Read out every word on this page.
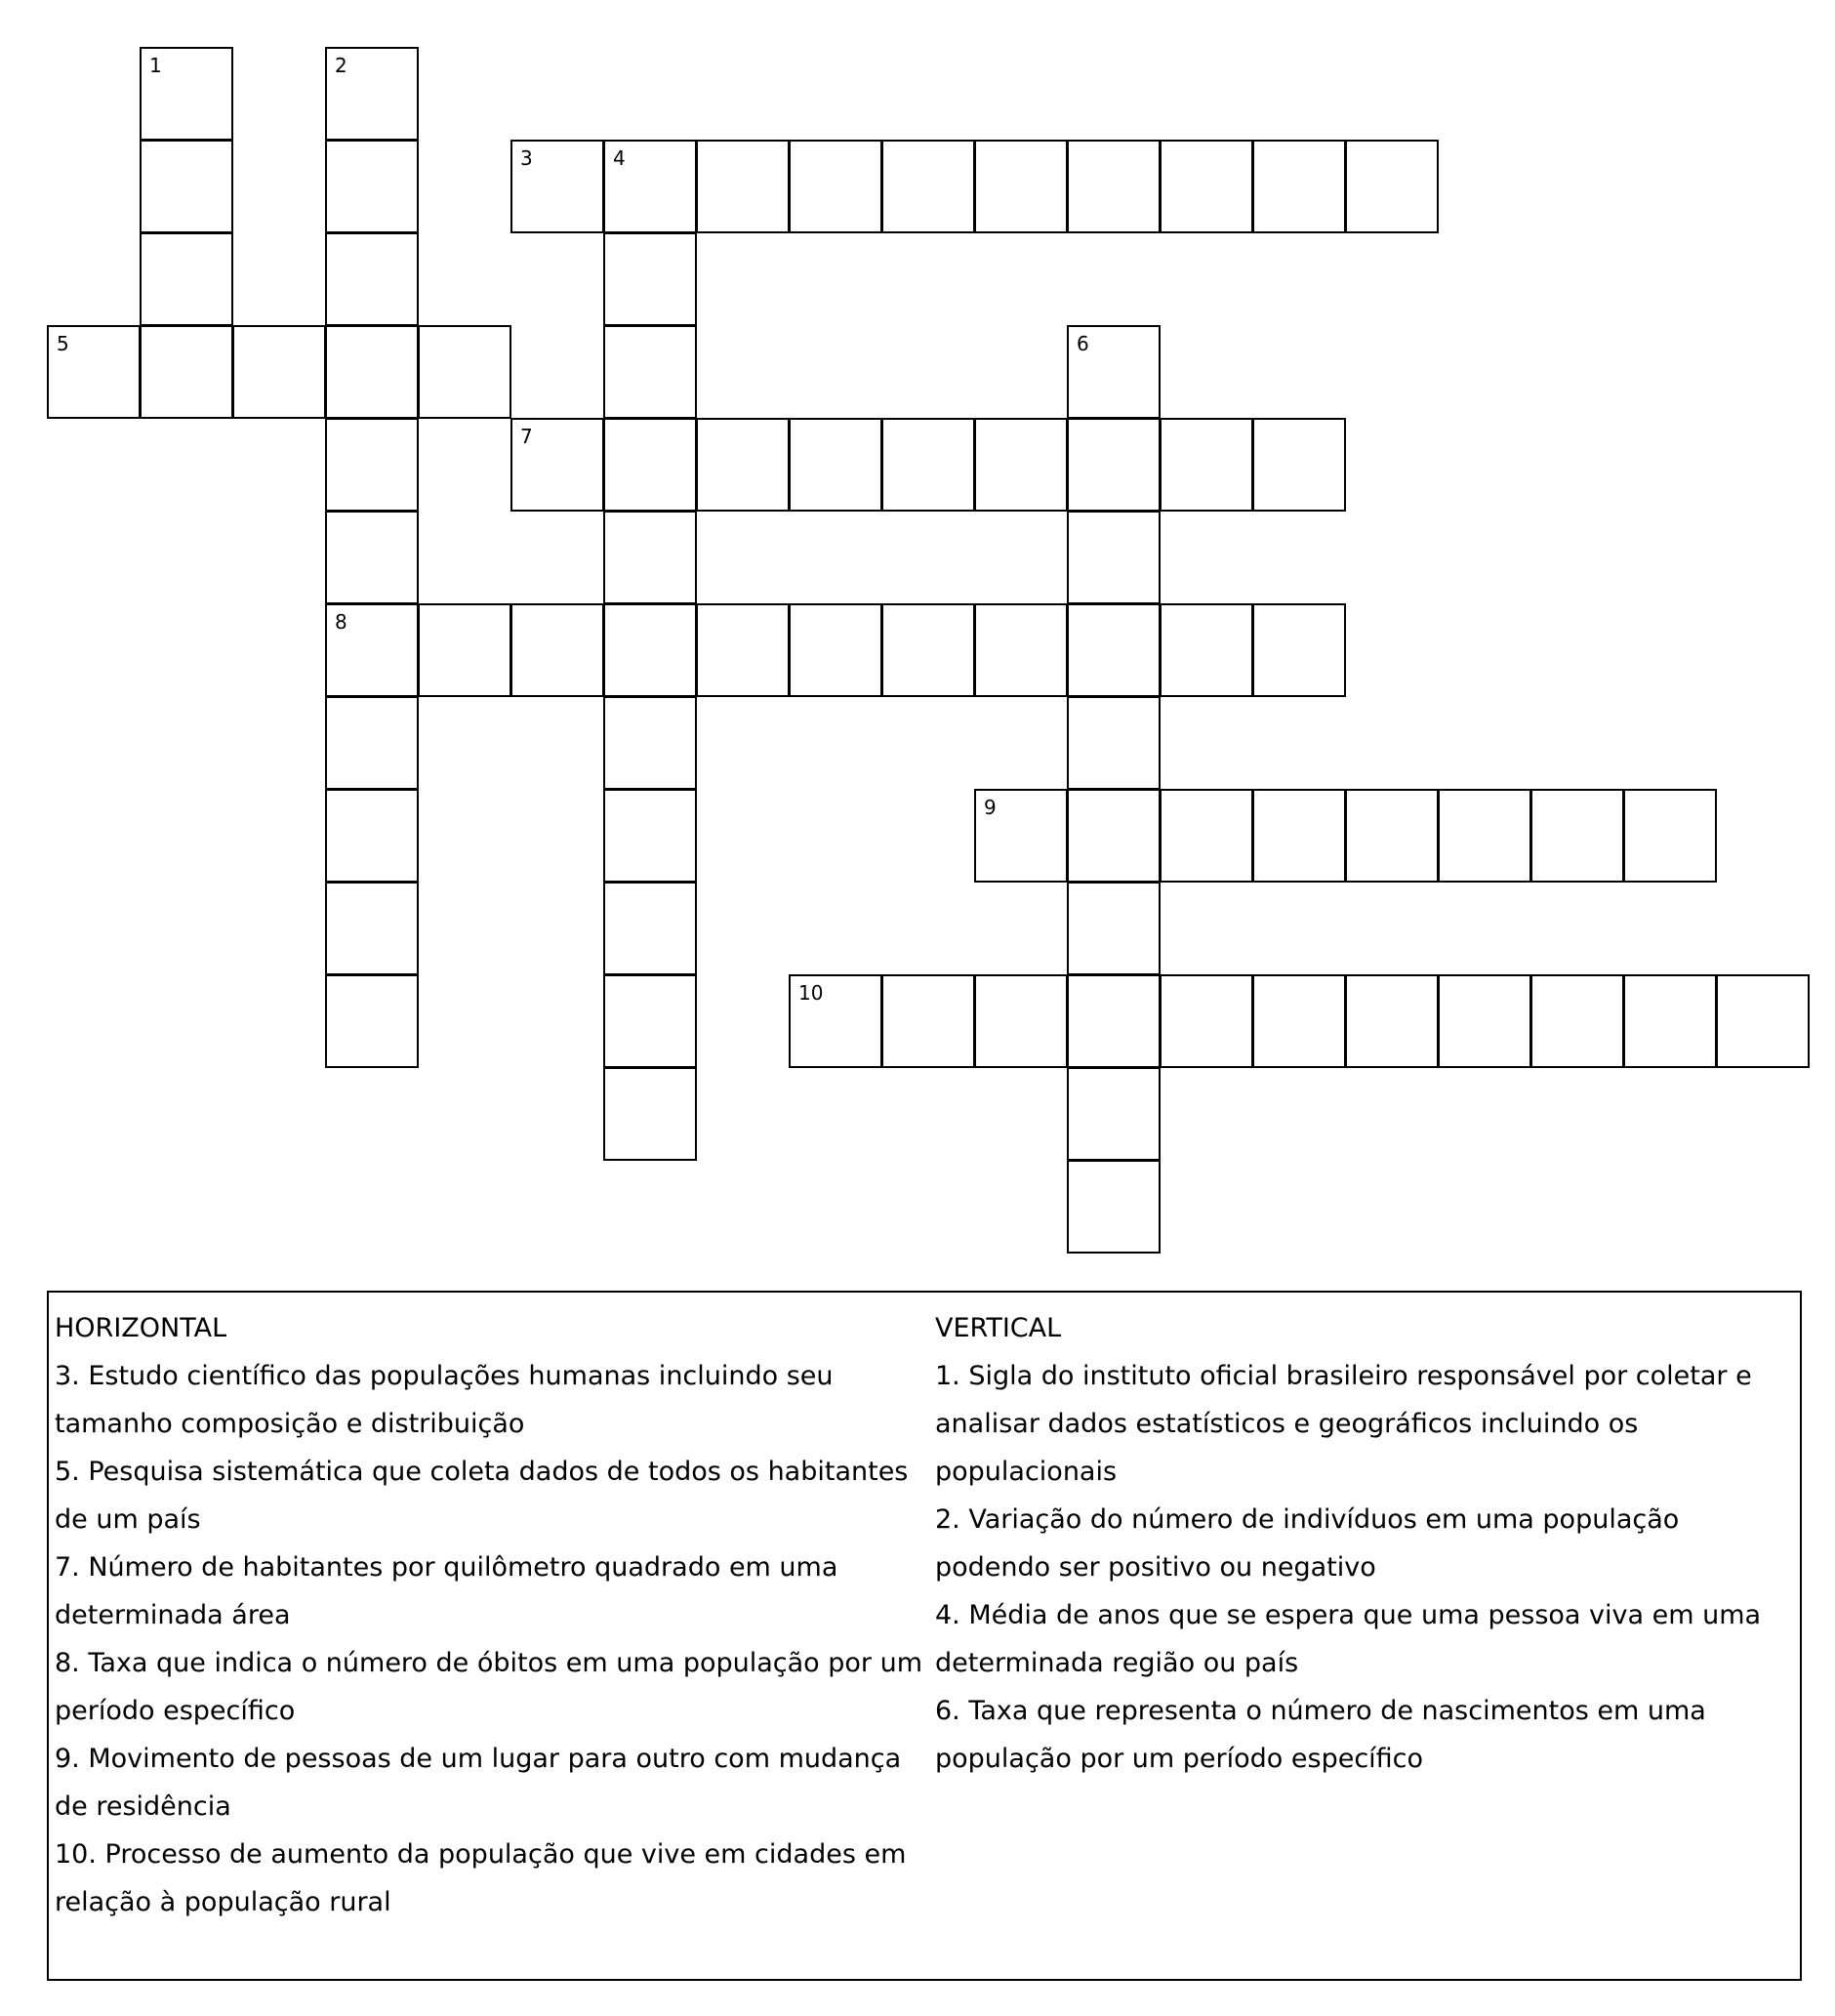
1	2
8
3	4
5	6
7
9
10

HORIZONTAL

3. Estudo científico das populações humanas incluindo seu tamanho composição e distribuição

5. Pesquisa sistemática que coleta dados de todos os habitantes de um país

7. Número de habitantes por quilômetro quadrado em uma determinada área

8. Taxa que indica o número de óbitos em uma população por um período específico

9. Movimento de pessoas de um lugar para outro com mudança de residência

10. Processo de aumento da população que vive em cidades em relação à população rural

VERTICAL

1. Sigla do instituto oficial brasileiro responsável por coletar e analisar dados estatísticos e geográficos incluindo os populacionais

2. Variação do número de indivíduos em uma população podendo ser positivo ou negativo

4. Média de anos que se espera que uma pessoa viva em uma determinada região ou país

6. Taxa que representa o número de nascimentos em uma população por um período específico
